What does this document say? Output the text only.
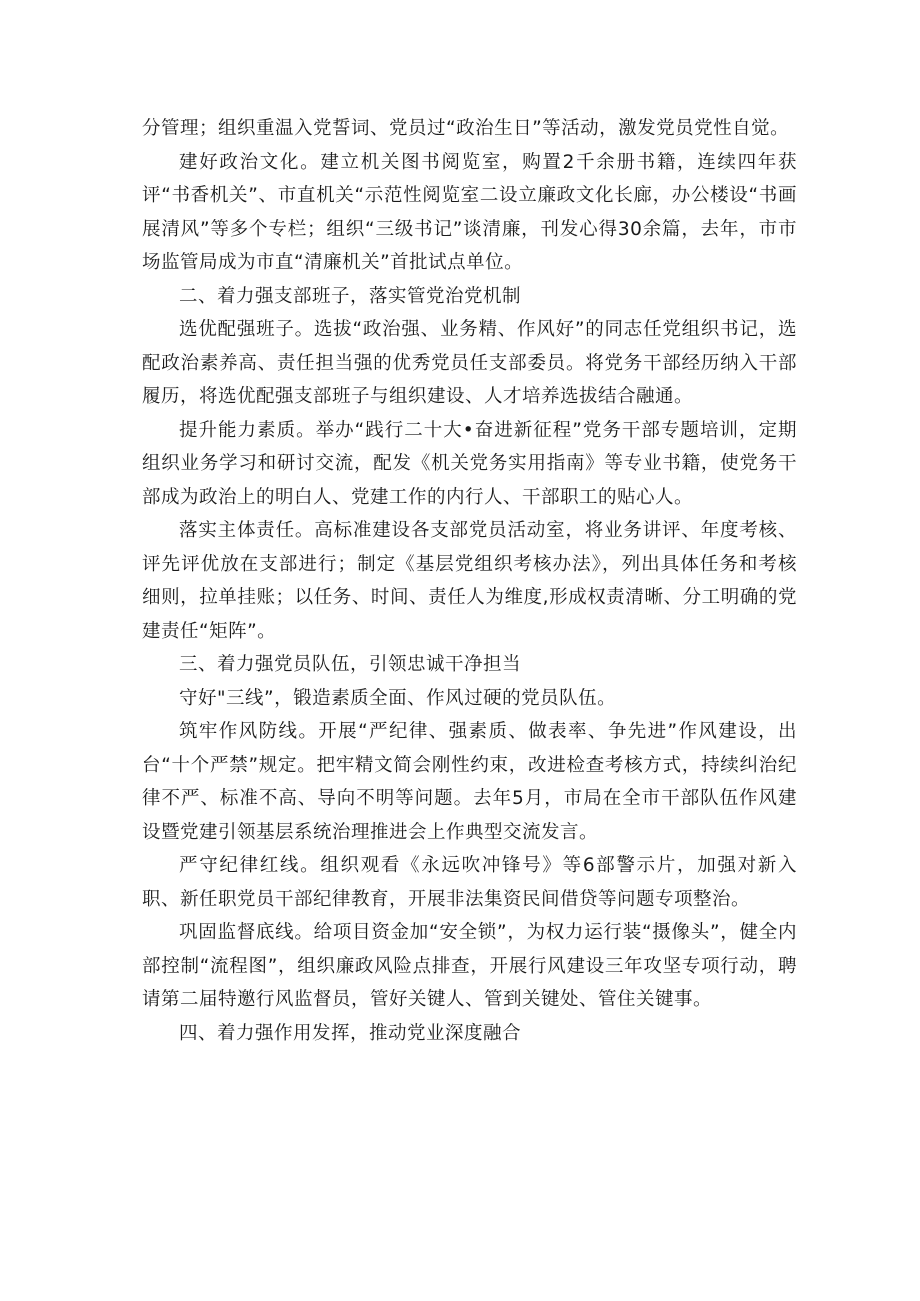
分管理；组织重温入党誓词、党员过“政治生日”等活动，激发党员党性自觉。

建好政治文化。建立机关图书阅览室，购置2千余册书籍，连续四年获评“书香机关”、市直机关“示范性阅览室二设立廉政文化长廊，办公楼设“书画展清风”等多个专栏；组织“三级书记”谈清廉，刊发心得30余篇，去年，市市场监管局成为市直“清廉机关”首批试点单位。

二、着力强支部班子，落实管党治党机制

选优配强班子。选拔“政治强、业务精、作风好”的同志任党组织书记，选配政治素养高、责任担当强的优秀党员任支部委员。将党务干部经历纳入干部履历，将选优配强支部班子与组织建设、人才培养选拔结合融通。

提升能力素质。举办“践行二十大•奋进新征程”党务干部专题培训，定期组织业务学习和研讨交流，配发《机关党务实用指南》等专业书籍，使党务干部成为政治上的明白人、党建工作的内行人、干部职工的贴心人。

落实主体责任。高标准建设各支部党员活动室，将业务讲评、年度考核、评先评优放在支部进行；制定《基层党组织考核办法》，列出具体任务和考核细则，拉单挂账；以任务、时间、责任人为维度,形成权责清晰、分工明确的党建责任“矩阵”。

三、着力强党员队伍，引领忠诚干净担当

守好"三线”，锻造素质全面、作风过硬的党员队伍。

筑牢作风防线。开展“严纪律、强素质、做表率、争先进”作风建设，出台“十个严禁”规定。把牢精文简会刚性约束，改进检查考核方式，持续纠治纪律不严、标准不高、导向不明等问题。去年5月，市局在全市干部队伍作风建设暨党建引领基层系统治理推进会上作典型交流发言。

严守纪律红线。组织观看《永远吹冲锋号》等6部警示片，加强对新入职、新任职党员干部纪律教育，开展非法集资民间借贷等问题专项整治。

巩固监督底线。给项目资金加“安全锁”，为权力运行装“摄像头”，健全内部控制“流程图”，组织廉政风险点排查，开展行风建设三年攻坚专项行动，聘请第二届特邀行风监督员，管好关键人、管到关键处、管住关键事。

四、着力强作用发挥，推动党业深度融合
